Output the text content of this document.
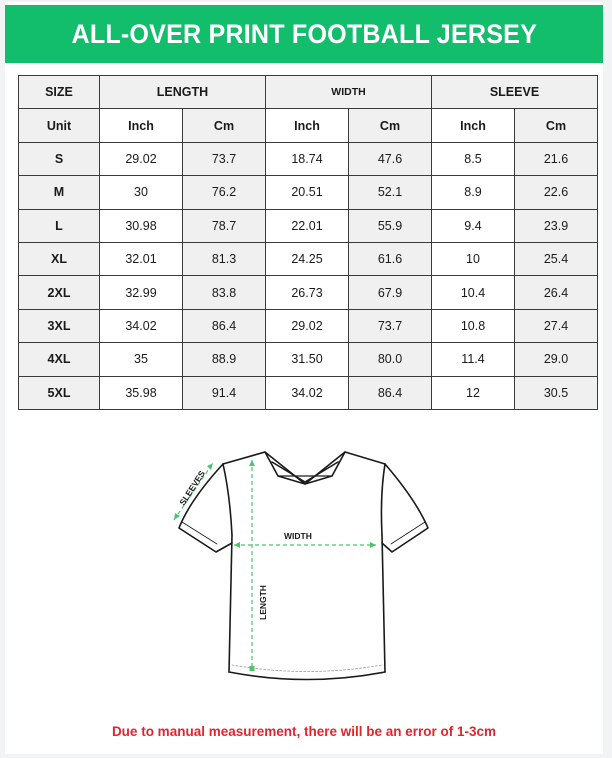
ALL-OVER PRINT FOOTBALL JERSEY
SIZE	LENGTH		WIDTH		SLEEVE	
Unit	Inch	Cm	Inch	Cm	Inch	Cm
S	29.02	73.7	18.74	47.6	8.5	21.6
M	30	76.2	20.51	52.1	8.9	22.6
L	30.98	78.7	22.01	55.9	9.4	23.9
XL	32.01	81.3	24.25	61.6	10	25.4
2XL	32.99	83.8	26.73	67.9	10.4	26.4
3XL	34.02	86.4	29.02	73.7	10.8	27.4
4XL	35	88.9	31.50	80.0	11.4	29.0
5XL	35.98	91.4	34.02	86.4	12	30.5
SLEEVES
WIDTH
LENGTH
Due to manual measurement, there will be an error of 1-3cm
